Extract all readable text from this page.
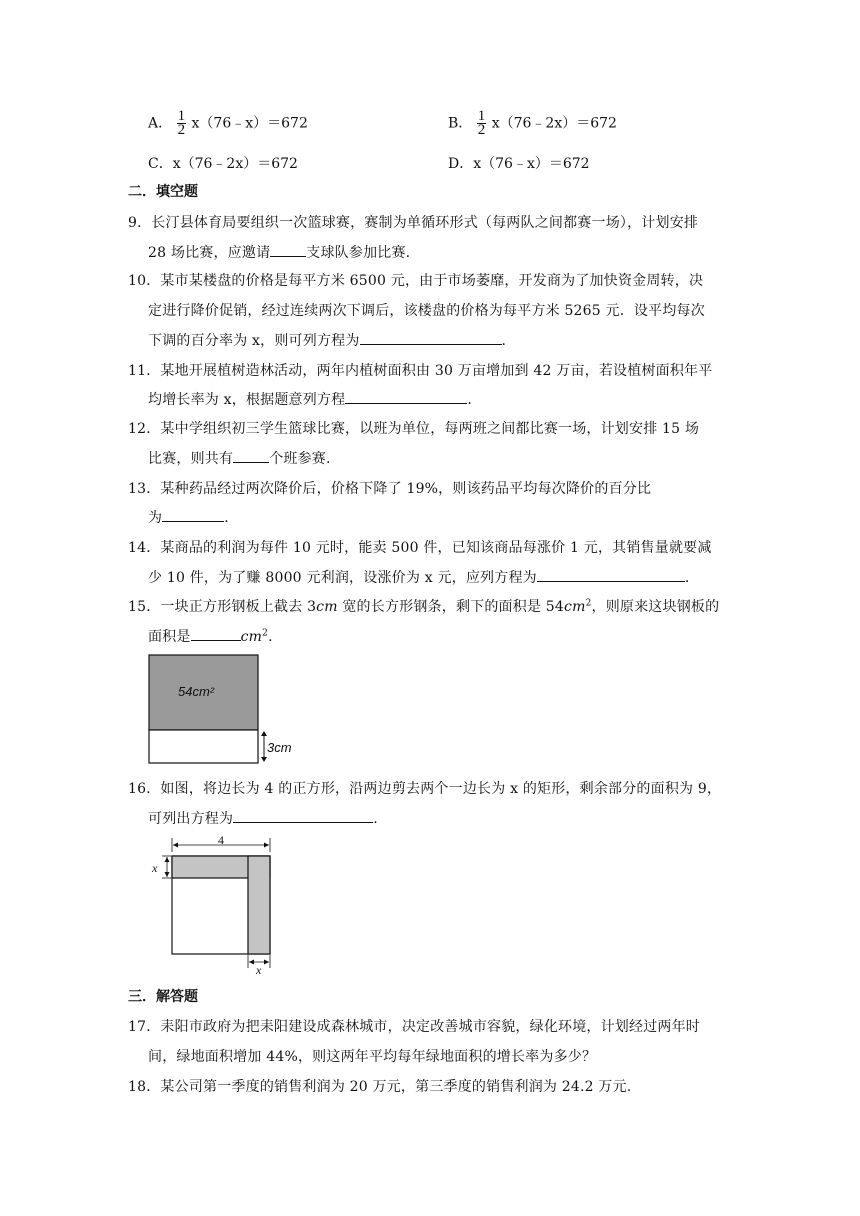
A． $\frac{1}{2}$ x（76﹣x）＝672	B． $\frac{1}{2}$ x（76﹣2x）＝672
C．x（76﹣2x）＝672	D．x（76﹣x）＝672
二．填空题
9．长汀县体育局要组织一次篮球赛，赛制为单循环形式（每两队之间都赛一场），计划安排
28 场比赛，应邀请	支球队参加比赛.
10．某市某楼盘的价格是每平方米 6500 元，由于市场萎靡，开发商为了加快资金周转，决
定进行降价促销，经过连续两次下调后，该楼盘的价格为每平方米 5265 元．设平均每次
下调的百分率为 x，则可列方程为	.
11．某地开展植树造林活动，两年内植树面积由 30 万亩增加到 42 万亩，若设植树面积年平
均增长率为 x，根据题意列方程	.
12．某中学组织初三学生篮球比赛，以班为单位，每两班之间都比赛一场，计划安排 15 场
比赛，则共有	个班参赛.
13．某种药品经过两次降价后，价格下降了 19%，则该药品平均每次降价的百分比
为	.
14．某商品的利润为每件 10 元时，能卖 500 件，已知该商品每涨价 1 元，其销售量就要减
少 10 件，为了赚 8000 元利润，设涨价为 x 元，应列方程为	.
15．一块正方形钢板上截去 3cm 宽的长方形钢条，剩下的面积是 $54cm^2$，则原来这块钢板的
面积是	$cm^2$.
54cm²
3cm
16．如图，将边长为 4 的正方形，沿两边剪去两个一边长为 x 的矩形，剩余部分的面积为 9，
可列出方程为	.
4
x
x
三．解答题
17．耒阳市政府为把耒阳建设成森林城市，决定改善城市容貌，绿化环境，计划经过两年时
间，绿地面积增加 44%，则这两年平均每年绿地面积的增长率为多少？
18．某公司第一季度的销售利润为 20 万元，第三季度的销售利润为 24.2 万元.
